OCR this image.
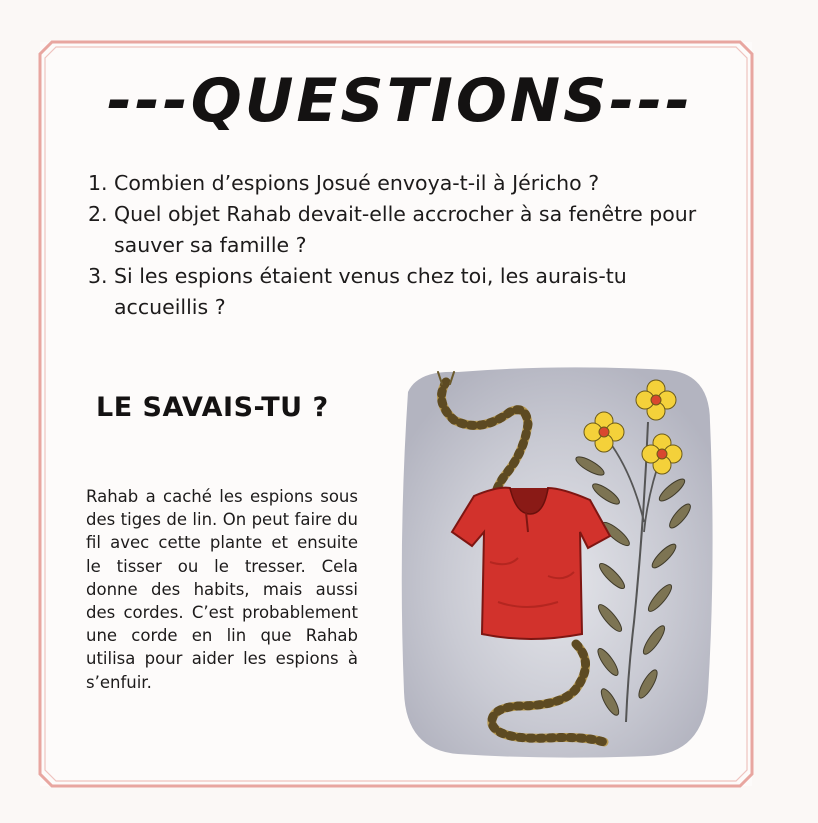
---QUESTIONS---
1. Combien d’espions Josué envoya-t-il à Jéricho ?
2. Quel objet Rahab devait-elle accrocher à sa fenêtre pour sauver sa famille ?
3. Si les espions étaient venus chez toi, les aurais-tu accueillis ?
LE SAVAIS-TU ?
Rahab a caché les espions sous des tiges de lin. On peut faire du fil avec cette plante et ensuite le tisser ou le tresser. Cela donne des habits, mais aussi des cordes. C’est probablement une corde en lin que Rahab utilisa pour aider les espions à s’enfuir.
